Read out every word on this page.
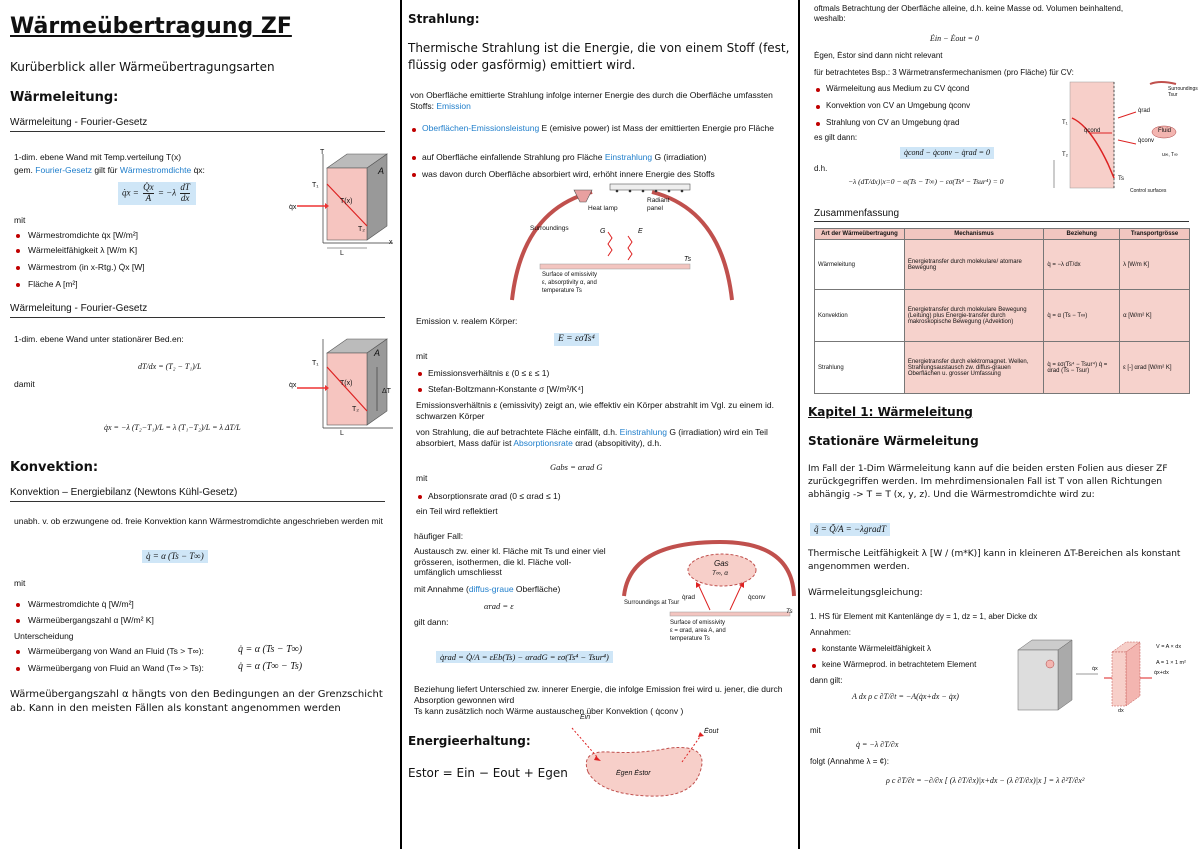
Wärmeübertragung ZF
Kurüberblick aller Wärmeübertragungsarten
Wärmeleitung:
Wärmeleitung - Fourier-Gesetz
1-dim. ebene Wand mit Temp.verteilung T(x)
gem. Fourier-Gesetz gilt für Wärmestromdichte q̇x:
q̇x = $\frac{Q̇x}{A} = -\lambda \frac{dT}{dx}$
mit
Wärmestromdichte q̇x [W/m²]
Wärmeleitfähigkeit λ [W/m K]
Wärmestrom (in x-Rtg.) Q̇x [W]
Fläche A [m²]
T
A
T₁
T(x)
T₂
q̇x
L
x
Wärmeleitung - Fourier-Gesetz
1-dim. ebene Wand unter stationärer Bed.en:
dT/dx = (T₂ − T₁)/L
damit
q̇x = −λ (T₂−T₁)/L = λ (T₁−T₂)/L = λ ΔT/L
T₁
A
T(x)
T₂
ΔT
q̇x
L
Konvektion:
Konvektion – Energiebilanz (Newtons Kühl-Gesetz)
unabh. v. ob erzwungene od. freie Konvektion kann Wärmestromdichte angeschrieben werden mit
q̇ = α (Ts − T∞)
mit
Wärmestromdichte q̇ [W/m²]
Wärmeübergangszahl α [W/m² K]
Unterscheidung
Wärmeübergang von Wand an Fluid (Ts > T∞):	q̇ = α (Ts − T∞)
Wärmeübergang von Fluid an Wand (T∞ > Ts):	q̇ = α (T∞ − Ts)
Wärmeübergangszahl α hängts von den Bedingungen an der Grenzschicht ab. Kann in den meisten Fällen als konstant angenommen werden
Strahlung:
Thermische Strahlung ist die Energie, die von einem Stoff (fest, flüssig oder gasförmig) emittiert wird.
von Oberfläche emittierte Strahlung infolge interner Energie des durch die Oberfläche umfassten Stoffs: Emission
Oberflächen-Emissionsleistung E (emisive power) ist Mass der emittierten Energie pro Fläche
auf Oberfläche einfallende Strahlung pro Fläche Einstrahlung G (irradiation)
was davon durch Oberfläche absorbiert wird, erhöht innere Energie des Stoffs
Heat lamp
Radiant panel
Surroundings	G	E
Ts
Surface of emissivity
ε, absorptivity α, and
temperature Ts
Emission v. realem Körper:
E = εσTs⁴
mit
Emissionsverhältnis ε (0 ≤ ε ≤ 1)
Stefan-Boltzmann-Konstante σ [W/m²/K⁴]
Emissionsverhältnis ε (emissivity) zeigt an, wie effektiv ein Körper abstrahlt im Vgl. zu einem id. schwarzen Körper
von Strahlung, die auf betrachtete Fläche einfällt, d.h. Einstrahlung G (irradiation) wird ein Teil absorbiert, Mass dafür ist Absorptionsrate αrad (absopitivity), d.h.
Gabs = αrad G
mit
Absorptionsrate αrad (0 ≤ αrad ≤ 1)
ein Teil wird reflektiert
häufiger Fall:
Austausch zw. einer kl. Fläche mit Ts und einer viel grösseren, isothermen, die kl. Fläche voll-umfänglich umschliesst
mit Annahme (diffus-graue Oberfläche)
αrad = ε
gilt dann:
q̇rad = Q̇/A = εEb(Ts) − αradG = εσ(Ts⁴ − Tsur⁴)
Gas
T∞, α
Surroundings at Tsur
q̇rad	q̇conv
Ts
Surface of emissivity
ε = αrad, area A, and
temperature Ts
Beziehung liefert Unterschied zw. innerer Energie, die infolge Emission frei wird u. jener, die durch Absorption gewonnen wird
Ts kann zusätzlich noch Wärme austauschen über Konvektion ( q̇conv )
Energieerhaltung:
Estor = Ein − Eout + Egen
Ėin
Ėout
Ėgen Ėstor
oftmals Betrachtung der Oberfläche alleine, d.h. keine Masse od. Volumen beinhaltend, weshalb:
Ėin − Ėout = 0
Ėgen, Ėstor sind dann nicht relevant
für betrachtetes Bsp.: 3 Wärmetransfermechanismen (pro Fläche) für CV:
Wärmeleitung aus Medium zu CV q̇cond
Konvektion von CV an Umgebung q̇conv
Strahlung von CV an Umgebung q̇rad
es gilt dann:
q̇cond − q̇conv − q̇rad = 0
d.h.
−λ (dT/dx)|x=0 − α(Ts − T∞) − εσ(Ts⁴ − Tsur⁴) = 0
Surroundings Tsur
q̇rad
q̇cond
q̇conv
Fluid
u∞, T∞
Ts
T₁
T₂
Control surfaces
Zusammenfassung
Art der Wärmeübertragung	Mechanismus	Beziehung	Transportgrösse
Wärmeleitung	Energietransfer durch molekulare/ atomare Bewegung	q̇ = −λ dT/dx	λ [W/m K]
Konvektion	Energietransfer durch molekulare Bewegung (Leitung) plus Energie-transfer durch makroskopische Bewegung (Advektion)	q̇ = α (Ts − T∞)	α [W/m² K]
Strahlung	Energietransfer durch elektromagnet. Wellen, Strahlungsaustausch zw. diffus-grauen Oberflächen u. grosser Umfassung	q̇ = εσ(Ts⁴ − Tsur⁴) q̇ = αrad (Ts − Tsur)	ε [-] αrad [W/m² K]
Kapitel 1: Wärmeleitung
Stationäre Wärmeleitung
Im Fall der 1-Dim Wärmeleitung kann auf die beiden ersten Folien aus dieser ZF zurückgegriffen werden. Im mehrdimensionalen Fall ist T von allen Richtungen abhängig -> T = T (x, y, z). Und die Wärmestromdichte wird zu:
q̃ = Q̃/A = −λgradT
Thermische Leitfähigkeit λ [W / (m*K)] kann in kleineren ΔT-Bereichen als konstant angenommen werden.
Wärmeleitungsgleichung:
1. HS für Element mit Kantenlänge dy = 1, dz = 1, aber Dicke dx
Annahmen:
konstante Wärmeleitfähigkeit λ
keine Wärmeprod. in betrachtetem Element
dann gilt:
A dx ρ c ∂T/∂t = −A(q̇x+dx − q̇x)
mit
q̇ = −λ ∂T/∂x
folgt (Annahme λ = ¢):
ρ c ∂T/∂t = −∂/∂x [ (λ ∂T/∂x)|x+dx − (λ ∂T/∂x)|x ] = λ ∂²T/∂x²
q̇x
q̇x+dx
V = A × dx
A = 1 × 1 m²
dx
